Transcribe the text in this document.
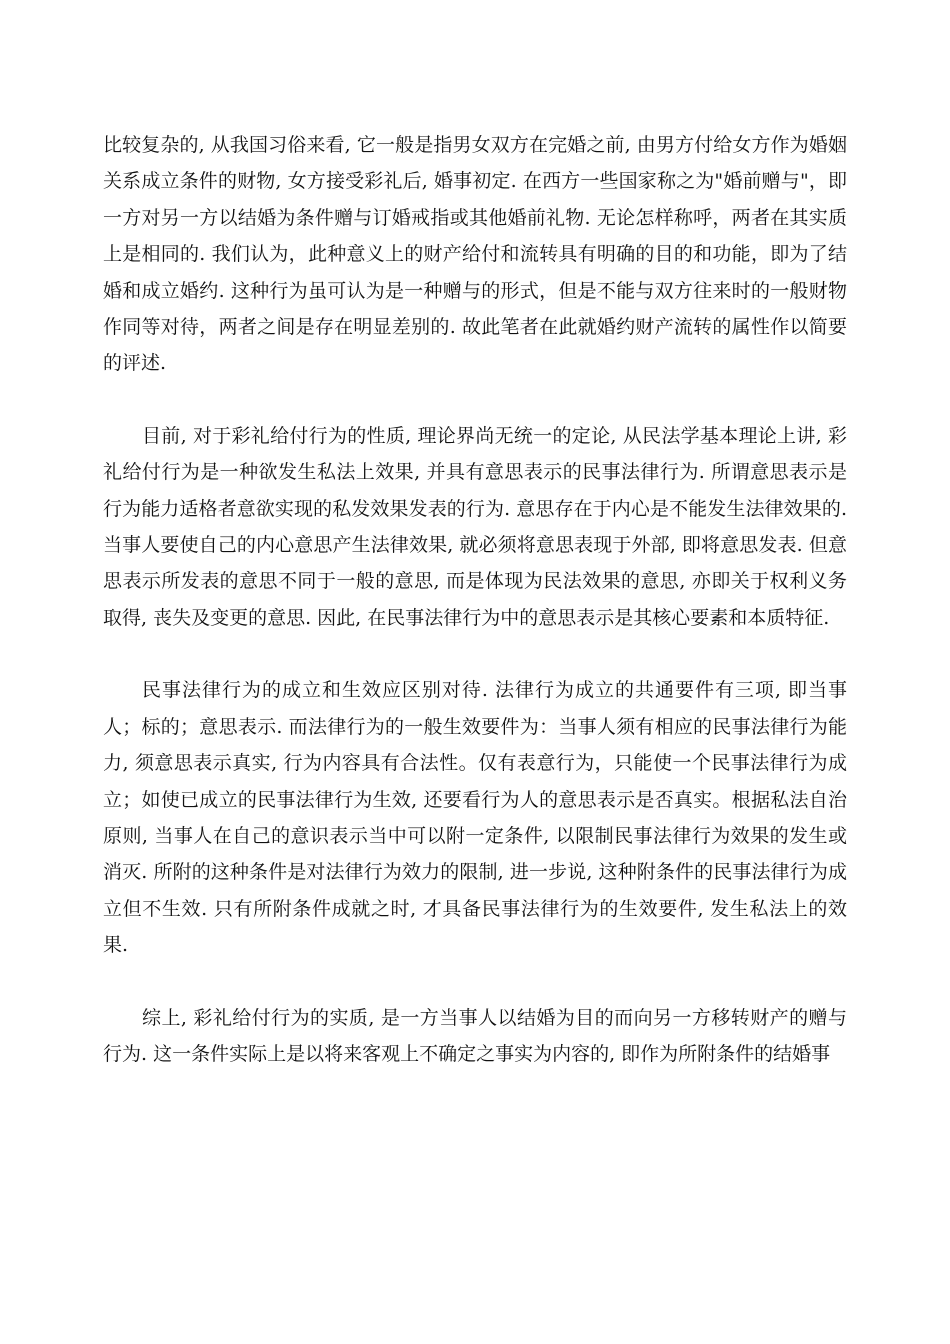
比较复杂的, 从我国习俗来看, 它一般是指男女双方在完婚之前, 由男方付给女方作为婚姻关系成立条件的财物, 女方接受彩礼后, 婚事初定. 在西方一些国家称之为"婚前赠与"，即一方对另一方以结婚为条件赠与订婚戒指或其他婚前礼物. 无论怎样称呼，两者在其实质上是相同的. 我们认为，此种意义上的财产给付和流转具有明确的目的和功能，即为了结婚和成立婚约. 这种行为虽可认为是一种赠与的形式，但是不能与双方往来时的一般财物作同等对待，两者之间是存在明显差别的. 故此笔者在此就婚约财产流转的属性作以简要的评述.

目前, 对于彩礼给付行为的性质, 理论界尚无统一的定论, 从民法学基本理论上讲, 彩礼给付行为是一种欲发生私法上效果, 并具有意思表示的民事法律行为. 所谓意思表示是行为能力适格者意欲实现的私发效果发表的行为. 意思存在于内心是不能发生法律效果的. 当事人要使自己的内心意思产生法律效果, 就必须将意思表现于外部, 即将意思发表. 但意思表示所发表的意思不同于一般的意思, 而是体现为民法效果的意思, 亦即关于权利义务取得, 丧失及变更的意思. 因此, 在民事法律行为中的意思表示是其核心要素和本质特征.

民事法律行为的成立和生效应区别对待. 法律行为成立的共通要件有三项, 即当事人；标的；意思表示. 而法律行为的一般生效要件为：当事人须有相应的民事法律行为能力, 须意思表示真实, 行为内容具有合法性。仅有表意行为，只能使一个民事法律行为成立；如使已成立的民事法律行为生效, 还要看行为人的意思表示是否真实。根据私法自治原则, 当事人在自己的意识表示当中可以附一定条件, 以限制民事法律行为效果的发生或消灭. 所附的这种条件是对法律行为效力的限制, 进一步说, 这种附条件的民事法律行为成立但不生效. 只有所附条件成就之时, 才具备民事法律行为的生效要件, 发生私法上的效果.

综上, 彩礼给付行为的实质, 是一方当事人以结婚为目的而向另一方移转财产的赠与行为. 这一条件实际上是以将来客观上不确定之事实为内容的, 即作为所附条件的结婚事
